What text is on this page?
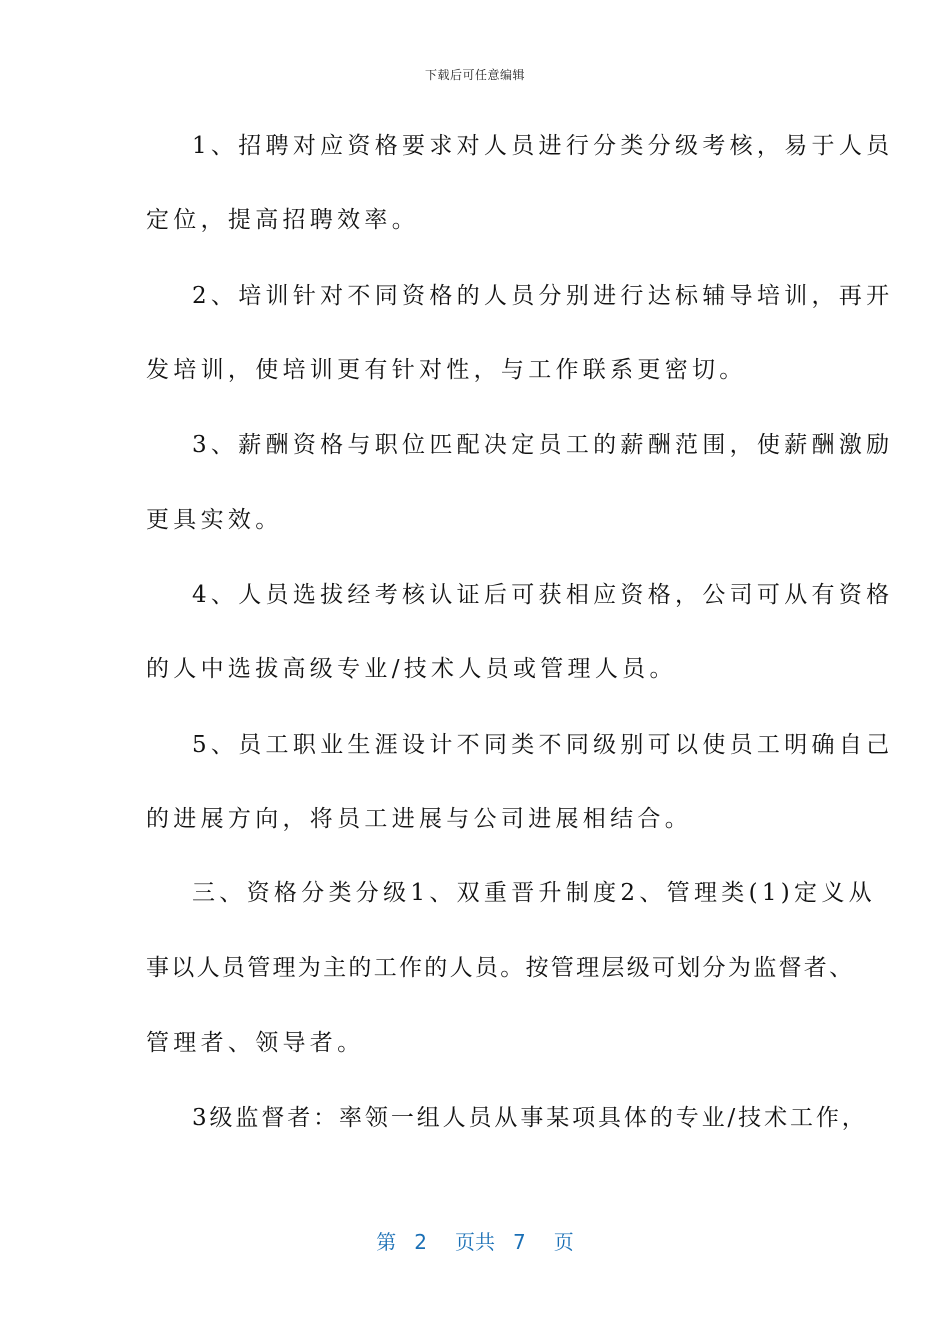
下载后可任意编辑
1、招聘对应资格要求对人员进行分类分级考核，易于人员
定位，提高招聘效率。
2、培训针对不同资格的人员分别进行达标辅导培训，再开
发培训，使培训更有针对性，与工作联系更密切。
3、薪酬资格与职位匹配决定员工的薪酬范围，使薪酬激励
更具实效。
4、人员选拔经考核认证后可获相应资格，公司可从有资格
的人中选拔高级专业/技术人员或管理人员。
5、员工职业生涯设计不同类不同级别可以使员工明确自己
的进展方向，将员工进展与公司进展相结合。
三、资格分类分级1、双重晋升制度2、管理类(1)定义从
事以人员管理为主的工作的人员。按管理层级可划分为监督者、
管理者、领导者。
3级监督者：率领一组人员从事某项具体的专业/技术工作，
第 2 页共 7 页
